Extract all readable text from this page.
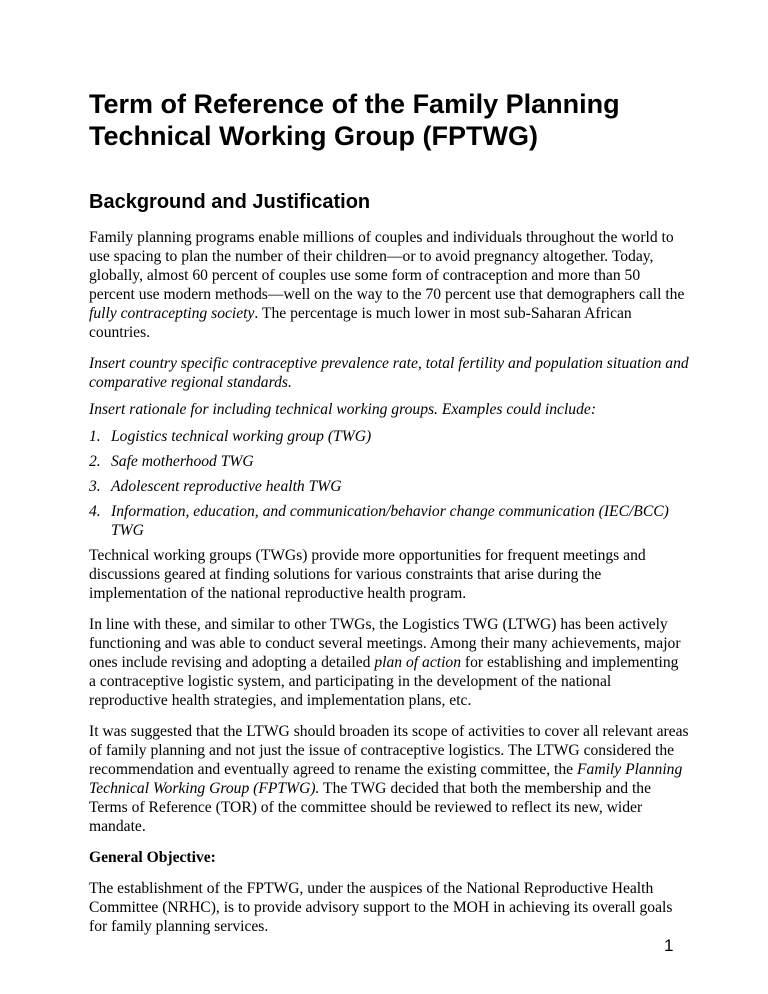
Term of Reference of the Family Planning Technical Working Group (FPTWG)
Background and Justification

Family planning programs enable millions of couples and individuals throughout the world to use spacing to plan the number of their children—or to avoid pregnancy altogether. Today, globally, almost 60 percent of couples use some form of contraception and more than 50 percent use modern methods—well on the way to the 70 percent use that demographers call the fully contracepting society. The percentage is much lower in most sub-Saharan African countries.

Insert country specific contraceptive prevalence rate, total fertility and population situation and comparative regional standards.

Insert rationale for including technical working groups. Examples could include:

1. Logistics technical working group (TWG)
2. Safe motherhood TWG
3. Adolescent reproductive health TWG
4. Information, education, and communication/behavior change communication (IEC/BCC) TWG

Technical working groups (TWGs) provide more opportunities for frequent meetings and discussions geared at finding solutions for various constraints that arise during the implementation of the national reproductive health program.

In line with these, and similar to other TWGs, the Logistics TWG (LTWG) has been actively functioning and was able to conduct several meetings. Among their many achievements, major ones include revising and adopting a detailed plan of action for establishing and implementing a contraceptive logistic system, and participating in the development of the national reproductive health strategies, and implementation plans, etc.

It was suggested that the LTWG should broaden its scope of activities to cover all relevant areas of family planning and not just the issue of contraceptive logistics. The LTWG considered the recommendation and eventually agreed to rename the existing committee, the Family Planning Technical Working Group (FPTWG). The TWG decided that both the membership and the Terms of Reference (TOR) of the committee should be reviewed to reflect its new, wider mandate.

General Objective:

The establishment of the FPTWG, under the auspices of the National Reproductive Health Committee (NRHC), is to provide advisory support to the MOH in achieving its overall goals for family planning services.

1
